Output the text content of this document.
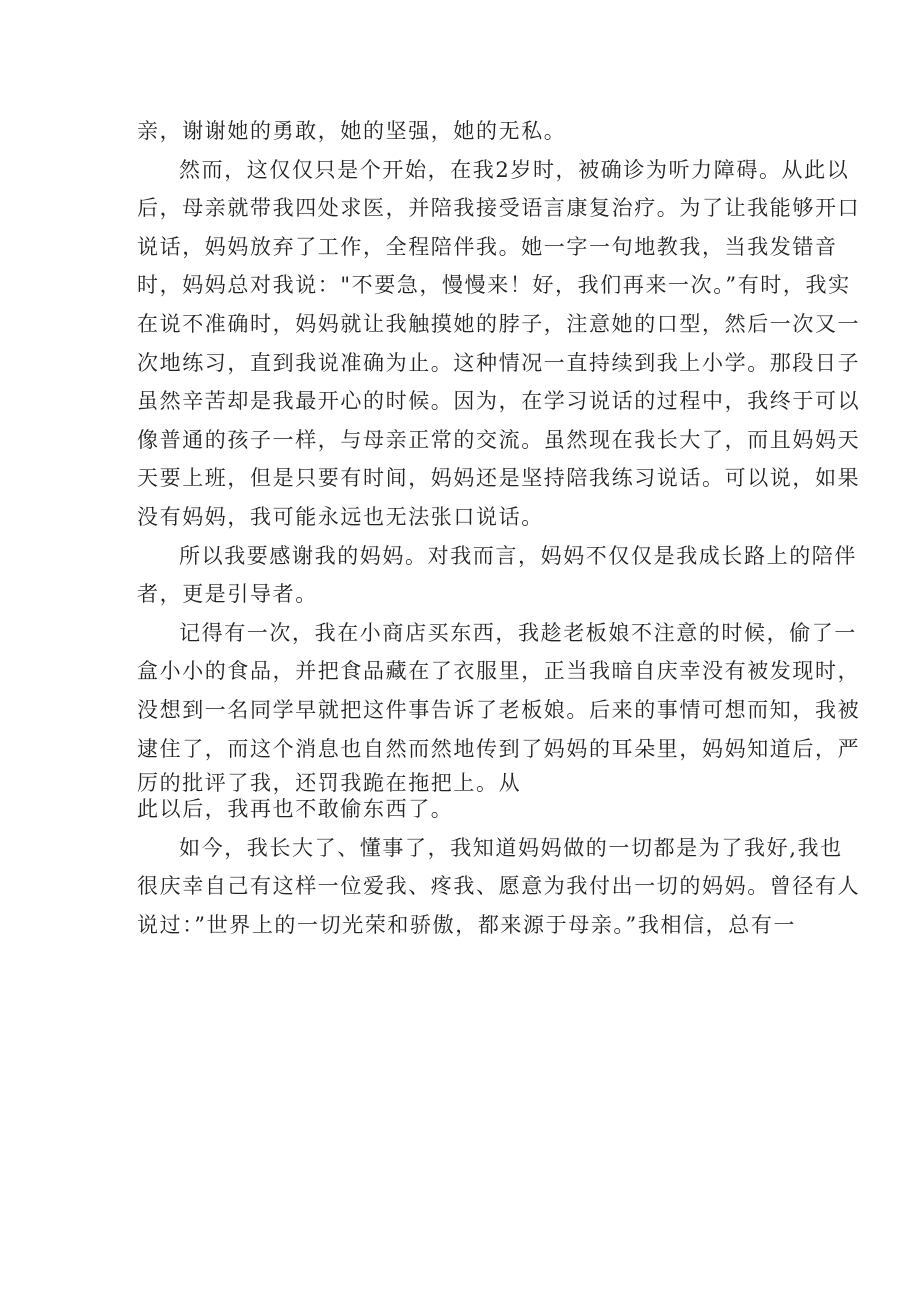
亲，谢谢她的勇敢，她的坚强，她的无私。

然而，这仅仅只是个开始，在我2岁时，被确诊为听力障碍。从此以

后，母亲就带我四处求医，并陪我接受语言康复治疗。为了让我能够开口

说话，妈妈放弃了工作，全程陪伴我。她一字一句地教我，当我发错音

时，妈妈总对我说："不要急，慢慢来！好，我们再来一次。”有时，我实

在说不准确时，妈妈就让我触摸她的脖子，注意她的口型，然后一次又一

次地练习，直到我说准确为止。这种情况一直持续到我上小学。那段日子

虽然辛苦却是我最开心的时候。因为，在学习说话的过程中，我终于可以

像普通的孩子一样，与母亲正常的交流。虽然现在我长大了，而且妈妈天

天要上班，但是只要有时间，妈妈还是坚持陪我练习说话。可以说，如果

没有妈妈，我可能永远也无法张口说话。

所以我要感谢我的妈妈。对我而言，妈妈不仅仅是我成长路上的陪伴

者，更是引导者。

记得有一次，我在小商店买东西，我趁老板娘不注意的时候，偷了一

盒小小的食品，并把食品藏在了衣服里，正当我暗自庆幸没有被发现时，

没想到一名同学早就把这件事告诉了老板娘。后来的事情可想而知，我被

逮住了，而这个消息也自然而然地传到了妈妈的耳朵里，妈妈知道后，严

厉的批评了我，还罚我跪在拖把上。从

此以后，我再也不敢偷东西了。

如今，我长大了、懂事了，我知道妈妈做的一切都是为了我好,我也

很庆幸自己有这样一位爱我、疼我、愿意为我付出一切的妈妈。曾径有人

说过：”世界上的一切光荣和骄傲，都来源于母亲。”我相信，总有一
